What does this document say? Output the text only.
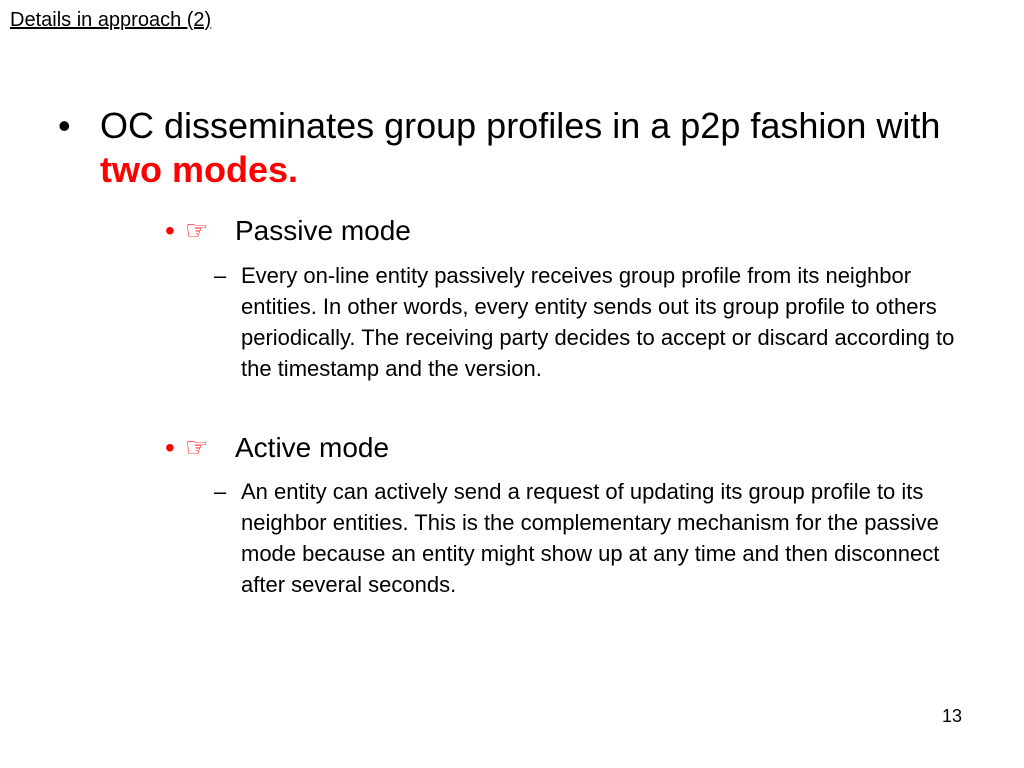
Details in approach (2)
• OC disseminates group profiles in a p2p fashion with two modes.
• ☞ Passive mode
– Every on-line entity passively receives group profile from its neighbor entities. In other words, every entity sends out its group profile to others periodically. The receiving party decides to accept or discard according to the timestamp and the version.
• ☞ Active mode
– An entity can actively send a request of updating its group profile to its neighbor entities. This is the complementary mechanism for the passive mode because an entity might show up at any time and then disconnect after several seconds.
13
